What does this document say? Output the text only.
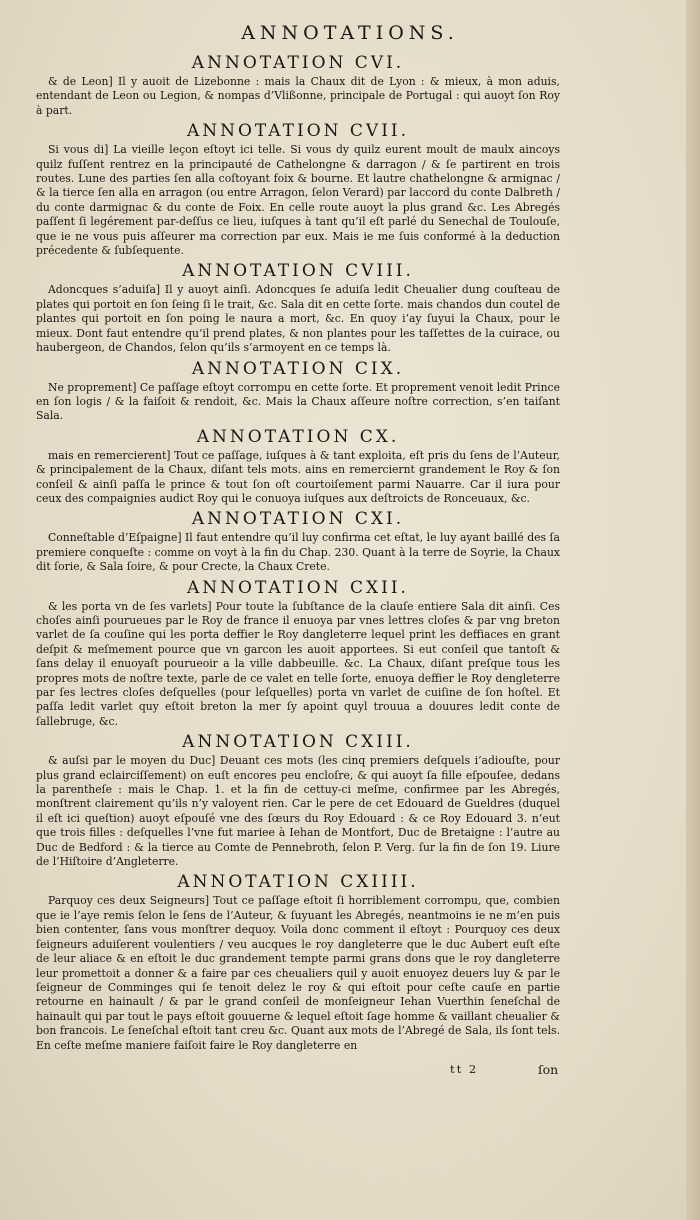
ANNOTATIONS.
ANNOTATION CVI.

& de Leon] Il y auoit de Lizebonne : mais la Chaux dit de Lyon : & mieux, à mon aduis, entendant de Leon ou Legion, & nompas d’Vlißonne, principale de Portugal : qui auoyt ſon Roy à part.

ANNOTATION CVII.

Si vous di] La vieille leçon eſtoyt ici telle. Si vous dy quilz eurent moult de maulx aincoys quilz fuſſent rentrez en la principauté de Cathelongne & darragon / & ſe partirent en trois routes. Lune des parties ſen alla coſtoyant foix & bourne. Et lautre chathelongne & armignac / & la tierce ſen alla en arragon (ou entre Arragon, ſelon Verard) par laccord du conte Dalbreth / du conte darmignac & du conte de Foix. En celle route auoyt la plus grand &c. Les Abregés paſſent ſi legérement par-deſſus ce lieu, iuſques à tant qu’il eſt parlé du Senechal de Toulouſe, que ie ne vous puis aſſeurer ma correction par eux. Mais ie me ſuis conformé à la deduction précedente & ſubſequente.

ANNOTATION CVIII.

Adoncques s’aduiſa] Il y auoyt ainſi. Adoncques ſe aduiſa ledit Cheualier dung couſteau de plates qui portoit en ſon ſeing ſi le trait, &c. Sala dit en cette ſorte. mais chandos dun coutel de plantes qui portoit en ſon poing le naura a mort, &c. En quoy i’ay ſuyui la Chaux, pour le mieux. Dont faut entendre qu’il prend plates, & non plantes pour les taſſettes de la cuirace, ou haubergeon, de Chandos, ſelon qu’ils s’armoyent en ce temps là.

ANNOTATION CIX.

Ne proprement] Ce paſſage eſtoyt corrompu en cette ſorte. Et proprement venoit ledit Prince en ſon logis / & la faiſoit & rendoit, &c. Mais la Chaux aſſeure noſtre correction, s’en taiſant Sala.

ANNOTATION CX.

mais en remercierent] Tout ce paſſage, iuſques à & tant exploita, eſt pris du ſens de l’Auteur, & principalement de la Chaux, diſant tels mots. ains en remerciernt grandement le Roy & ſon conſeil & ainſi paſſa le prince & tout ſon oſt courtoiſement parmi Nauarre. Car il iura pour ceux des compaignies audict Roy qui le conuoya iuſques aux deſtroicts de Ronceuaux, &c.

ANNOTATION CXI.

Conneſtable d’Eſpaigne] Il faut entendre qu’il luy confirma cet eſtat, le luy ayant baillé des ſa premiere conqueſte : comme on voyt à la fin du Chap. 230. Quant à la terre de Soyrie, la Chaux dit ſorie, & Sala ſoire, & pour Crecte, la Chaux Crete.

ANNOTATION CXII.

& les porta vn de ſes varlets] Pour toute la ſubſtance de la clauſe entiere Sala dit ainſi. Ces choſes ainſi pourueues par le Roy de france il enuoya par vnes lettres cloſes & par vng breton varlet de ſa couſine qui les porta deffier le Roy dangleterre lequel print les deffiaces en grant deſpit & meſmement pource que vn garcon les auoit apportees. Si eut conſeil que tantoſt & ſans delay il enuoyaſt pourueoir a la ville dabbeuille. &c. La Chaux, diſant preſque tous les propres mots de noſtre texte, parle de ce valet en telle ſorte, enuoya deffier le Roy dengleterre par ſes lectres cloſes deſquelles (pour leſquelles) porta vn varlet de cuiſine de ſon hoſtel. Et paſſa ledit varlet quy eſtoit breton la mer ſy apoint quyl trouua a douures ledit conte de ſallebruge, &c.

ANNOTATION CXIII.

& auſsi par le moyen du Duc] Deuant ces mots (les cinq premiers deſquels i’adiouſte, pour plus grand eclairciſſement) on euſt encores peu encloſre, & qui auoyt ſa fille eſpouſee, dedans la parentheſe : mais le Chap. 1. et la fin de cettuy-ci meſme, confirmee par les Abregés, monſtrent clairement qu’ils n’y valoyent rien. Car le pere de cet Edouard de Gueldres (duquel il eſt ici queſtion) auoyt eſpouſé vne des ſœurs du Roy Edouard : & ce Roy Edouard 3. n’eut que trois filles : deſquelles l’vne fut mariee à Iehan de Montfort, Duc de Bretaigne : l’autre au Duc de Bedford : & la tierce au Comte de Pennebroth, ſelon P. Verg. ſur la fin de ſon 19. Liure de l’Hiſtoire d’Angleterre.

ANNOTATION CXIIII.

Parquoy ces deux Seigneurs] Tout ce paſſage eſtoit ſi horriblement corrompu, que, combien que ie l’aye remis ſelon le ſens de l’Auteur, & ſuyuant les Abregés, neantmoins ie ne m’en puis bien contenter, ſans vous monſtrer dequoy. Voila donc comment il eſtoyt : Pourquoy ces deux ſeigneurs aduiſerent voulentiers / veu aucques le roy dangleterre que le duc Aubert euſt eſte de leur aliace & en eſtoit le duc grandement tempte parmi grans dons que le roy dangleterre leur promettoit a donner & a faire par ces cheualiers quil y auoit enuoyez deuers luy & par le ſeigneur de Comminges qui ſe tenoit delez le roy & qui eſtoit pour ceſte cauſe en partie retourne en hainault / & par le grand conſeil de monſeigneur Iehan Vuerthin ſeneſchal de hainault qui par tout le pays eſtoit gouuerne & lequel eſtoit ſage homme & vaillant cheualier & bon francois. Le ſeneſchal eſtoit tant creu &c. Quant aux mots de l’Abregé de Sala, ils ſont tels. En ceſte meſme maniere faiſoit faire le Roy dangleterre en

tt 2	ſon
